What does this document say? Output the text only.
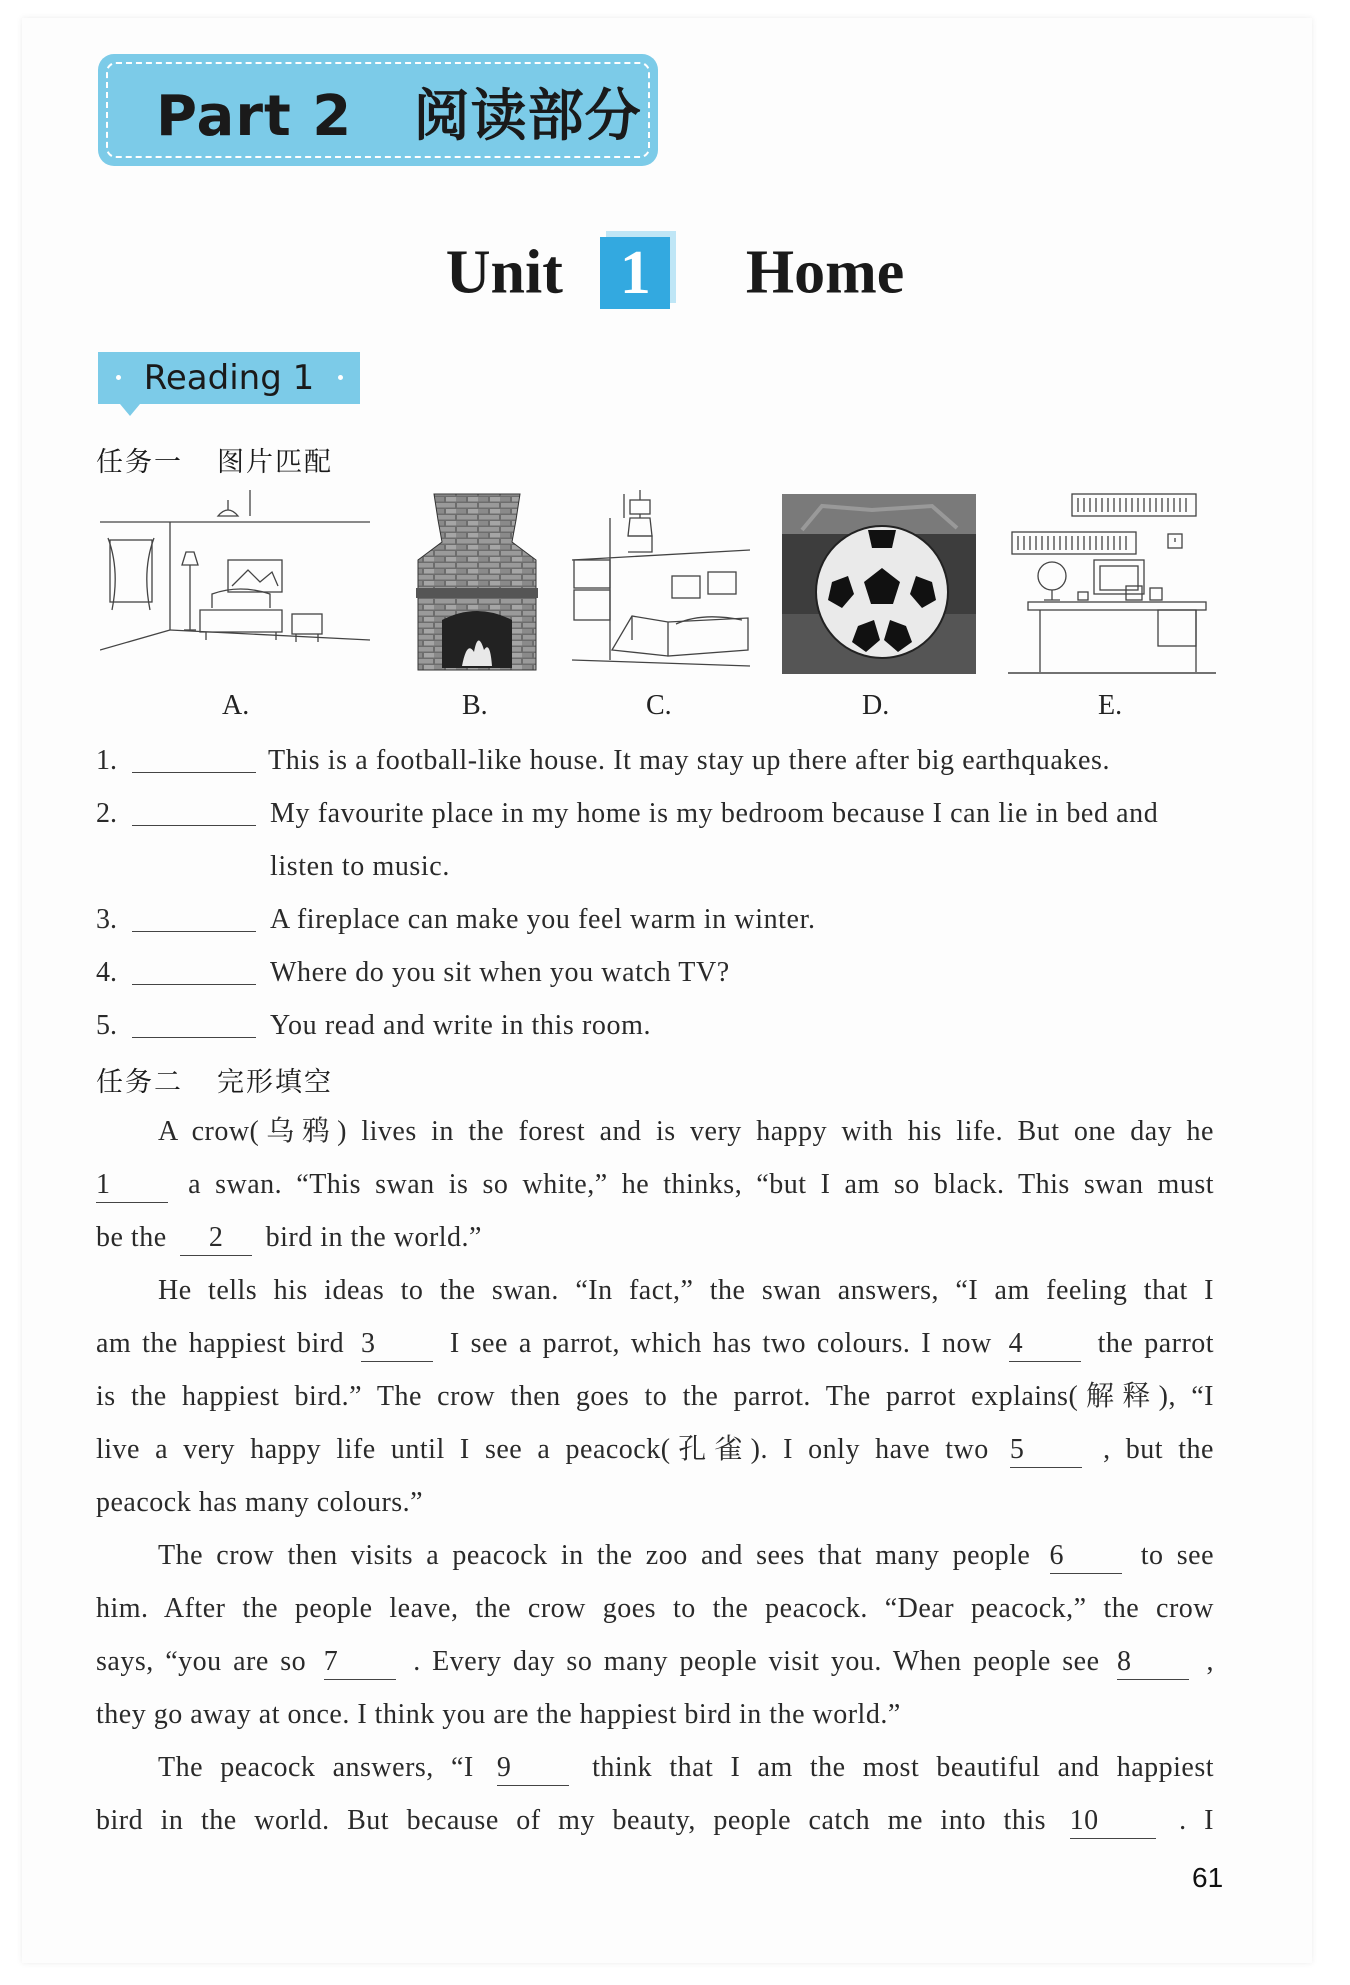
Part 2   阅读部分
Unit 1 Home
Reading 1
任务一 图片匹配
A.	B.	C.	D.	E.
1.	This is a football-like house. It may stay up there after big earthquakes.
2.	My favourite place in my home is my bedroom because I can lie in bed and
listen to music.
3.	A fireplace can make you feel warm in winter.
4.	Where do you sit when you watch TV?
5.	You read and write in this room.
任务二 完形填空
A crow(乌鸦) lives in the forest and is very happy with his life. But one day he
1	a swan. “This swan is so white,” he thinks, “but I am so black. This swan must
be the 2 bird in the world.”
He tells his ideas to the swan. “In fact,” the swan answers, “I am feeling that I
am the happiest bird 3	I see a parrot, which has two colours. I now 4	the parrot
is the happiest bird.” The crow then goes to the parrot. The parrot explains(解释), “I
live a very happy life until I see a peacock(孔雀). I only have two 5	, but the
peacock has many colours.”
The crow then visits a peacock in the zoo and sees that many people 6	to see
him. After the people leave, the crow goes to the peacock. “Dear peacock,” the crow
says, “you are so 7	. Every day so many people visit you. When people see 8	,
they go away at once. I think you are the happiest bird in the world.”
The peacock answers, “I 9	think that I am the most beautiful and happiest
bird in the world. But because of my beauty, people catch me into this 10	. I
61
